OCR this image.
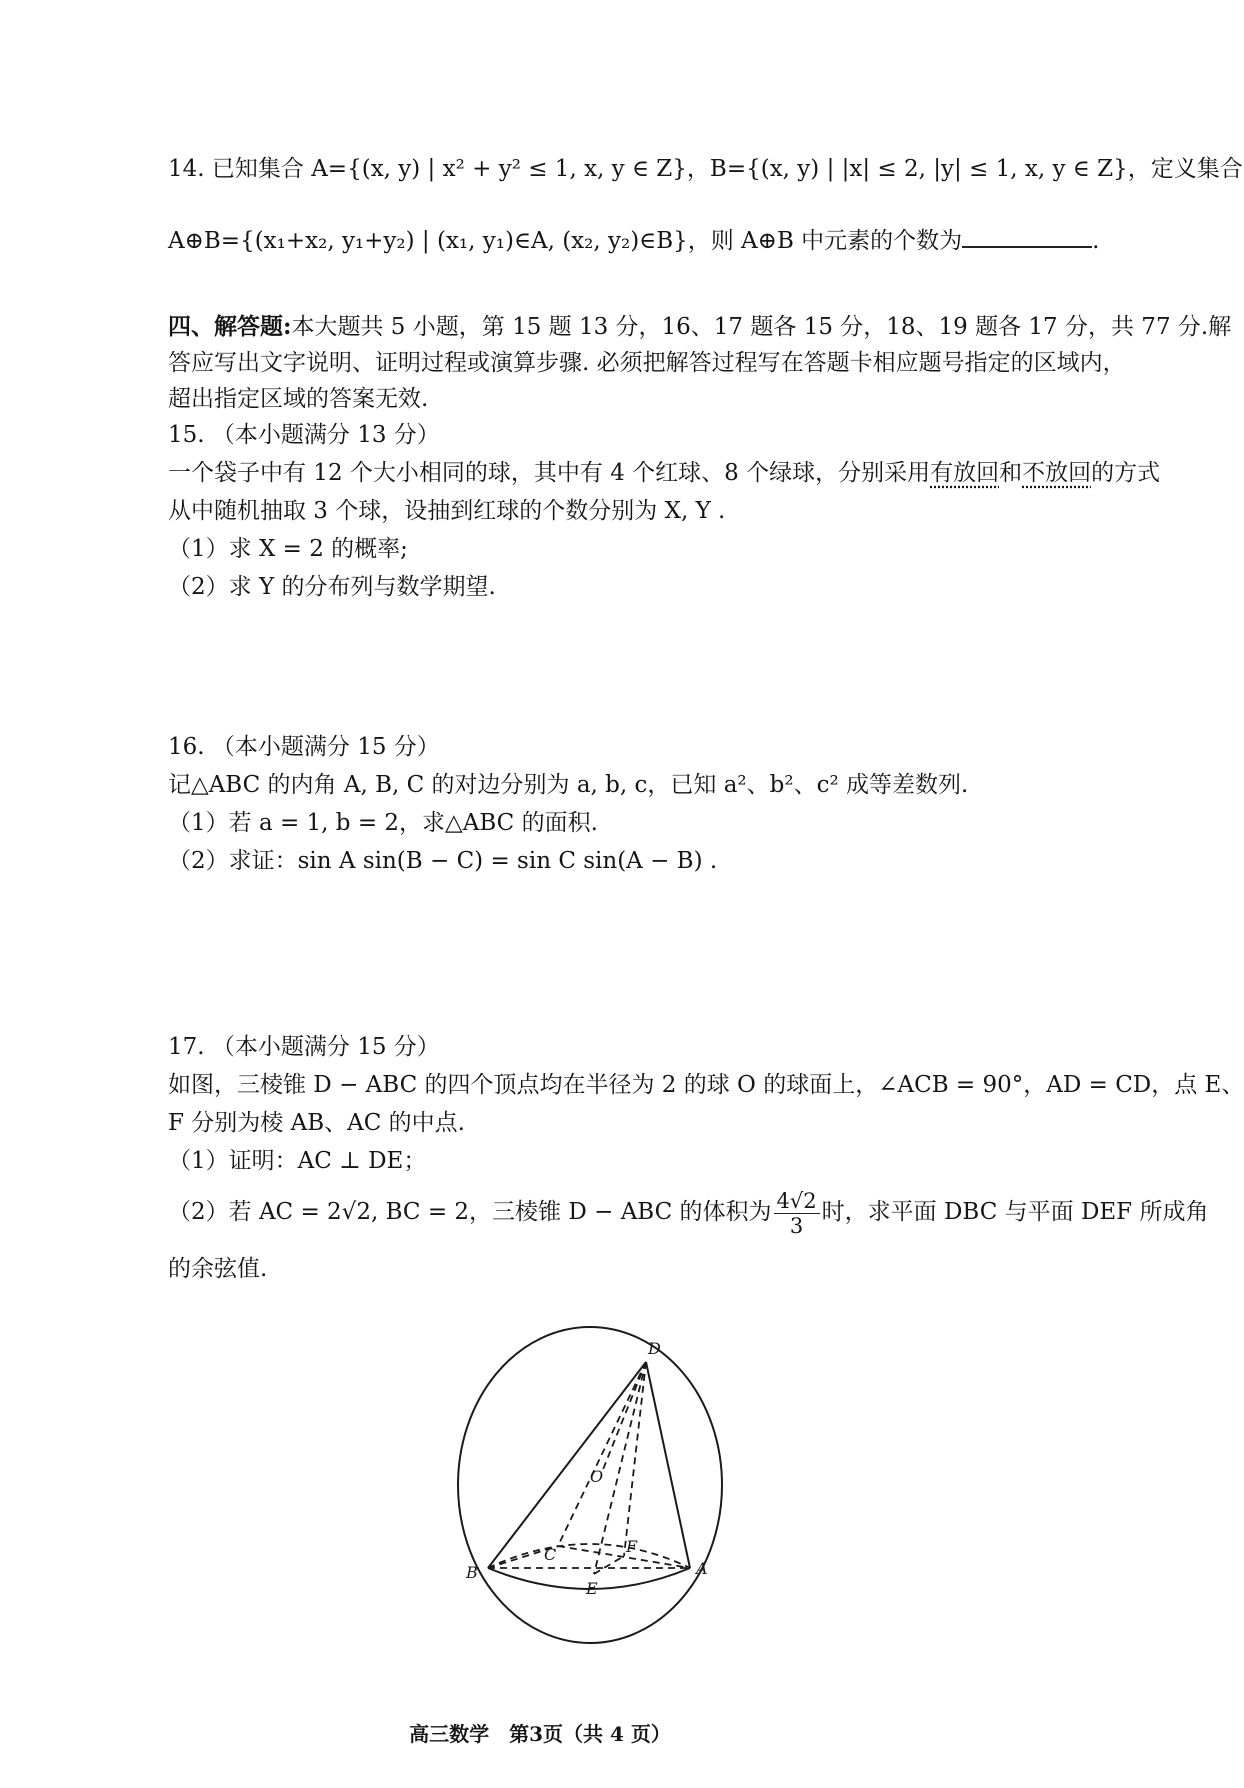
14. 已知集合 A={(x, y) | x² + y² ≤ 1, x, y ∈ Z}，B={(x, y) | |x| ≤ 2, |y| ≤ 1, x, y ∈ Z}，定义集合
A⊕B={(x₁+x₂, y₁+y₂) | (x₁, y₁)∈A, (x₂, y₂)∈B}，则 A⊕B 中元素的个数为	.
四、解答题:本大题共 5 小题，第 15 题 13 分，16、17 题各 15 分，18、19 题各 17 分，共 77 分.解
答应写出文字说明、证明过程或演算步骤. 必须把解答过程写在答题卡相应题号指定的区域内，
超出指定区域的答案无效.
15. （本小题满分 13 分）
一个袋子中有 12 个大小相同的球，其中有 4 个红球、8 个绿球，分别采用有放回和不放回的方式
从中随机抽取 3 个球，设抽到红球的个数分别为 X, Y .
（1）求 X = 2 的概率;
（2）求 Y 的分布列与数学期望.
16. （本小题满分 15 分）
记△ABC 的内角 A, B, C 的对边分别为 a, b, c，已知 a²、b²、c² 成等差数列.
（1）若 a = 1, b = 2，求△ABC 的面积.
（2）求证：sin A sin(B − C) = sin C sin(A − B) .
17. （本小题满分 15 分）
如图，三棱锥 D − ABC 的四个顶点均在半径为 2 的球 O 的球面上，∠ACB = 90°，AD = CD，点 E、
F 分别为棱 AB、AC 的中点.
（1）证明：AC ⊥ DE；
（2）若 AC = 2√2, BC = 2，三棱锥 D − ABC 的体积为 $\frac{4√2}{3}$ 时，求平面 DBC 与平面 DEF 所成角
的余弦值.
D
O
C	F
B
E
A
高三数学　第3页（共 4 页）
